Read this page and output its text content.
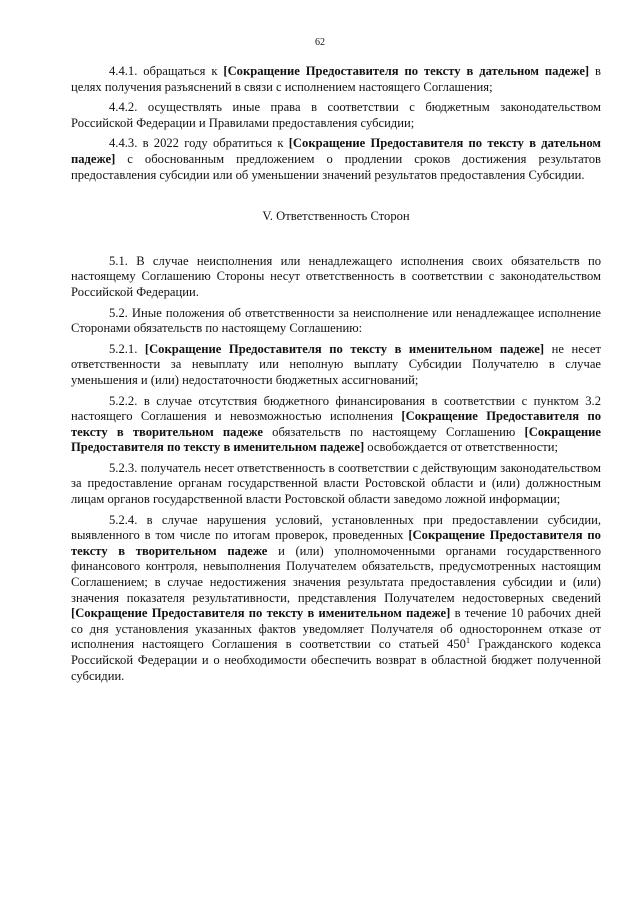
62

4.4.1. обращаться к [Сокращение Предоставителя по тексту в дательном падеже] в целях получения разъяснений в связи с исполнением настоящего Соглашения;

4.4.2. осуществлять иные права в соответствии с бюджетным законодательством Российской Федерации и Правилами предоставления субсидии;

4.4.3. в 2022 году обратиться к [Сокращение Предоставителя по тексту в дательном падеже] с обоснованным предложением о продлении сроков достижения результатов предоставления субсидии или об уменьшении значений результатов предоставления Субсидии.

V. Ответственность Сторон

5.1. В случае неисполнения или ненадлежащего исполнения своих обязательств по настоящему Соглашению Стороны несут ответственность в соответствии с законодательством Российской Федерации.

5.2. Иные положения об ответственности за неисполнение или ненадлежащее исполнение Сторонами обязательств по настоящему Соглашению:

5.2.1. [Сокращение Предоставителя по тексту в именительном падеже] не несет ответственности за невыплату или неполную выплату Субсидии Получателю в случае уменьшения и (или) недостаточности бюджетных ассигнований;

5.2.2. в случае отсутствия бюджетного финансирования в соответствии с пунктом 3.2 настоящего Соглашения и невозможностью исполнения [Сокращение Предоставителя по тексту в творительном падеже обязательств по настоящему Соглашению [Сокращение Предоставителя по тексту в именительном падеже] освобождается от ответственности;

5.2.3. получатель несет ответственность в соответствии с действующим законодательством за предоставление органам государственной власти Ростовской области и (или) должностным лицам органов государственной власти Ростовской области заведомо ложной информации;

5.2.4. в случае нарушения условий, установленных при предоставлении субсидии, выявленного в том числе по итогам проверок, проведенных [Сокращение Предоставителя по тексту в творительном падеже и (или) уполномоченными органами государственного финансового контроля, невыполнения Получателем обязательств, предусмотренных настоящим Соглашением; в случае недостижения значения результата предоставления субсидии и (или) значения показателя результативности, представления Получателем недостоверных сведений [Сокращение Предоставителя по тексту в именительном падеже] в течение 10 рабочих дней со дня установления указанных фактов уведомляет Получателя об одностороннем отказе от исполнения настоящего Соглашения в соответствии со статьей $450^1$ Гражданского кодекса Российской Федерации и о необходимости обеспечить возврат в областной бюджет полученной субсидии.
